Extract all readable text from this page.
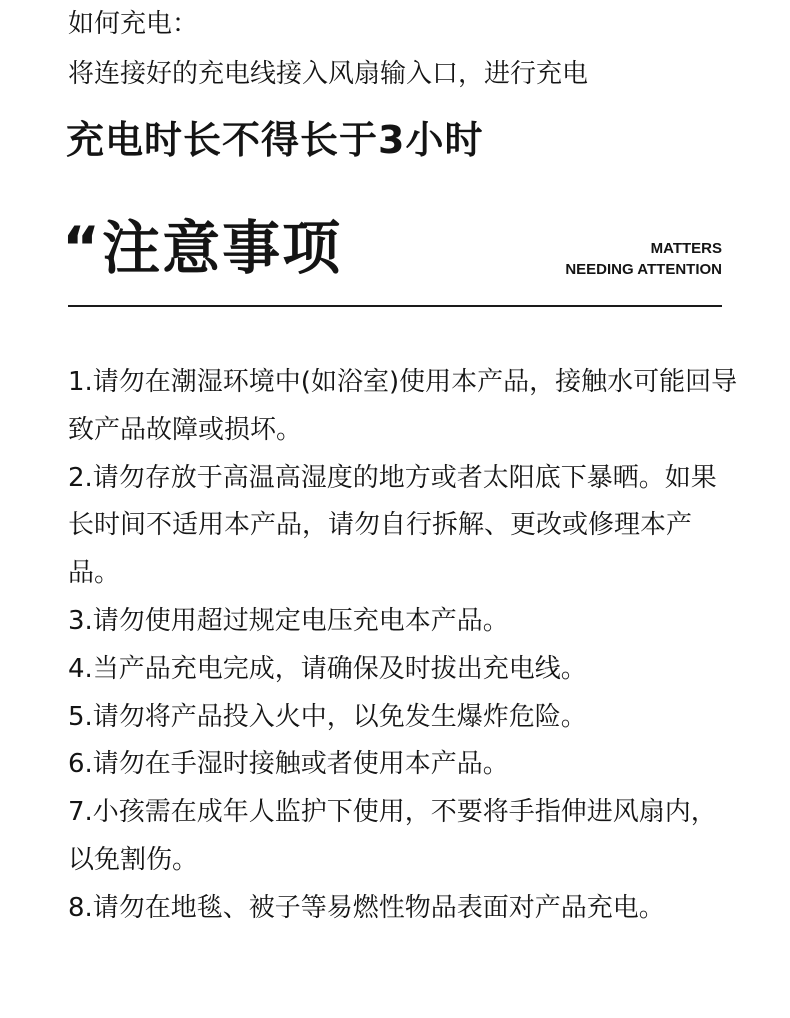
如何充电：
将连接好的充电线接入风扇输入口，进行充电
充电时长不得长于3小时
“注意事项	MATTERS
NEEDING ATTENTION

1.请勿在潮湿环境中(如浴室)使用本产品，接触水可能回导致产品故障或损坏。

2.请勿存放于高温高湿度的地方或者太阳底下暴晒。如果长时间不适用本产品，请勿自行拆解、更改或修理本产品。

3.请勿使用超过规定电压充电本产品。

4.当产品充电完成，请确保及时拔出充电线。

5.请勿将产品投入火中，以免发生爆炸危险。

6.请勿在手湿时接触或者使用本产品。

7.小孩需在成年人监护下使用，不要将手指伸进风扇内，以免割伤。

8.请勿在地毯、被子等易燃性物品表面对产品充电。
